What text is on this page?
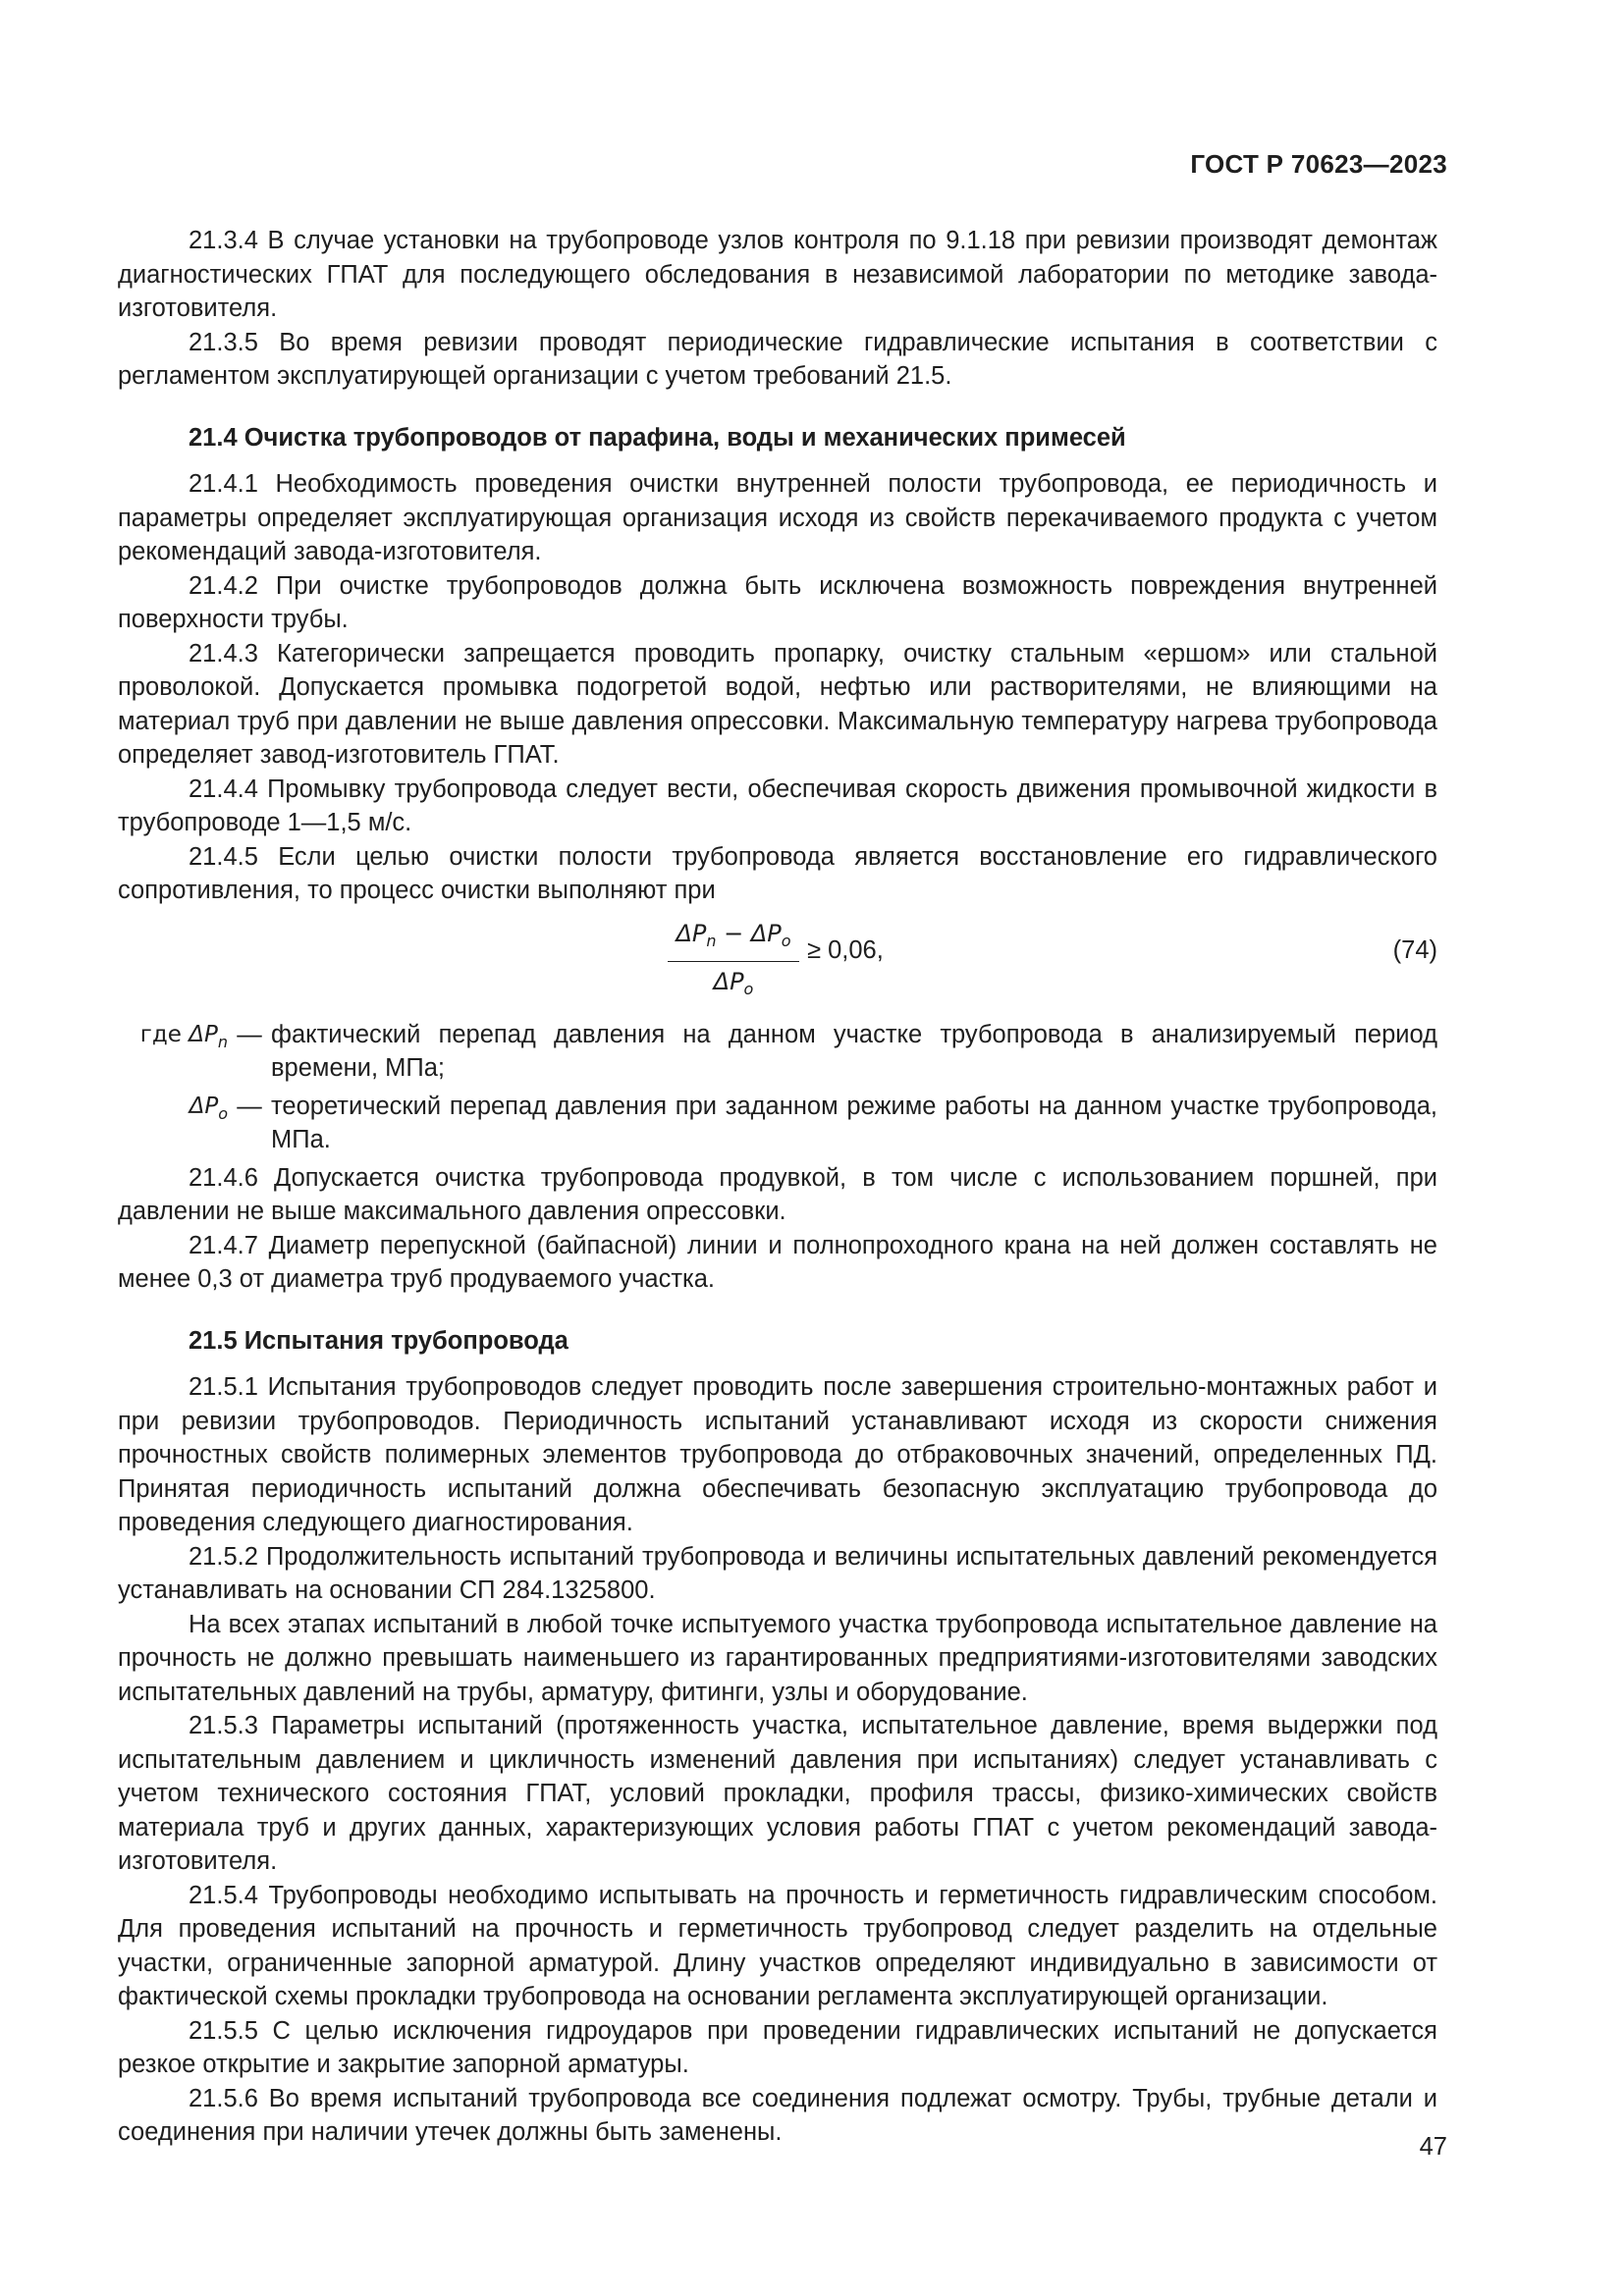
ГОСТ Р 70623—2023

21.3.4 В случае установки на трубопроводе узлов контроля по 9.1.18 при ревизии производят демонтаж диагностических ГПАТ для последующего обследования в независимой лаборатории по методике завода-изготовителя.

21.3.5 Во время ревизии проводят периодические гидравлические испытания в соответствии с регламентом эксплуатирующей организации с учетом требований 21.5.

21.4 Очистка трубопроводов от парафина, воды и механических примесей

21.4.1 Необходимость проведения очистки внутренней полости трубопровода, ее периодичность и параметры определяет эксплуатирующая организация исходя из свойств перекачиваемого продукта с учетом рекомендаций завода-изготовителя.

21.4.2 При очистке трубопроводов должна быть исключена возможность повреждения внутренней поверхности трубы.

21.4.3 Категорически запрещается проводить пропарку, очистку стальным «ершом» или стальной проволокой. Допускается промывка подогретой водой, нефтью или растворителями, не влияющими на материал труб при давлении не выше давления опрессовки. Максимальную температуру нагрева трубопровода определяет завод-изготовитель ГПАТ.

21.4.4 Промывку трубопровода следует вести, обеспечивая скорость движения промывочной жидкости в трубопроводе 1—1,5 м/с.

21.4.5 Если целью очистки полости трубопровода является восстановление его гидравлического сопротивления, то процесс очистки выполняют при

$\Delta P_n - \Delta P_o$
$\Delta P_o$
≥ 0,06,	(74)
где $\Delta P_n$ — фактический перепад давления на данном участке трубопровода в анализируемый период времени, МПа;
$\Delta P_o$ — теоретический перепад давления при заданном режиме работы на данном участке трубопровода, МПа.

21.4.6 Допускается очистка трубопровода продувкой, в том числе с использованием поршней, при давлении не выше максимального давления опрессовки.

21.4.7 Диаметр перепускной (байпасной) линии и полнопроходного крана на ней должен составлять не менее 0,3 от диаметра труб продуваемого участка.

21.5 Испытания трубопровода

21.5.1 Испытания трубопроводов следует проводить после завершения строительно-монтажных работ и при ревизии трубопроводов. Периодичность испытаний устанавливают исходя из скорости снижения прочностных свойств полимерных элементов трубопровода до отбраковочных значений, определенных ПД. Принятая периодичность испытаний должна обеспечивать безопасную эксплуатацию трубопровода до проведения следующего диагностирования.

21.5.2 Продолжительность испытаний трубопровода и величины испытательных давлений рекомендуется устанавливать на основании СП 284.1325800.

На всех этапах испытаний в любой точке испытуемого участка трубопровода испытательное давление на прочность не должно превышать наименьшего из гарантированных предприятиями-изготовителями заводских испытательных давлений на трубы, арматуру, фитинги, узлы и оборудование.

21.5.3 Параметры испытаний (протяженность участка, испытательное давление, время выдержки под испытательным давлением и цикличность изменений давления при испытаниях) следует устанавливать с учетом технического состояния ГПАТ, условий прокладки, профиля трассы, физико-химических свойств материала труб и других данных, характеризующих условия работы ГПАТ с учетом рекомендаций завода-изготовителя.

21.5.4 Трубопроводы необходимо испытывать на прочность и герметичность гидравлическим способом. Для проведения испытаний на прочность и герметичность трубопровод следует разделить на отдельные участки, ограниченные запорной арматурой. Длину участков определяют индивидуально в зависимости от фактической схемы прокладки трубопровода на основании регламента эксплуатирующей организации.

21.5.5 С целью исключения гидроударов при проведении гидравлических испытаний не допускается резкое открытие и закрытие запорной арматуры.

21.5.6 Во время испытаний трубопровода все соединения подлежат осмотру. Трубы, трубные детали и соединения при наличии утечек должны быть заменены.

47
